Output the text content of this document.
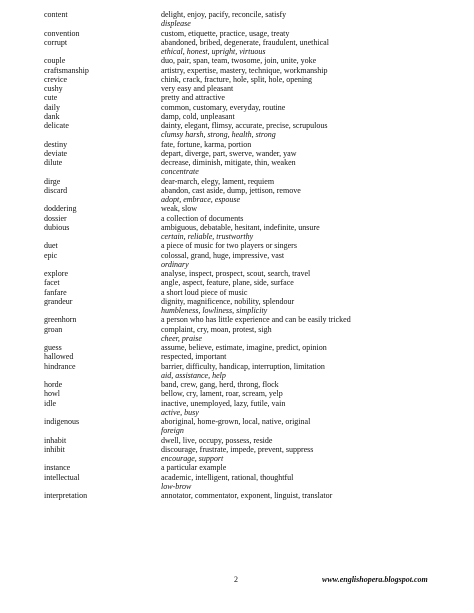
content	delight, enjoy, pacify, reconcile, satisfy
displease
convention	custom, etiquette, practice, usage, treaty
corrupt	abandoned, bribed, degenerate, fraudulent, unethical
ethical, honest, upright, virtuous
couple	duo, pair, span, team, twosome, join, unite, yoke
craftsmanship	artistry, expertise, mastery, technique, workmanship
crevice	chink, crack, fracture, hole, split, hole, opening
cushy	very easy and pleasant
cute	pretty and attractive
daily	common, customary, everyday, routine
dank	damp, cold, unpleasant
delicate	dainty, elegant, flimsy, accurate, precise, scrupulous
clumsy harsh, strong, health, strong
destiny	fate, fortune, karma, portion
deviate	depart, diverge, part, swerve, wander, yaw
dilute	decrease, diminish, mitigate, thin, weaken
concentrate
dirge	dear-march, elegy, lament, requiem
discard	abandon, cast aside, dump, jettison, remove
adopt, embrace, espouse
doddering	weak, slow
dossier	a collection of documents
dubious	ambiguous, debatable, hesitant, indefinite, unsure
certain, reliable, trustworthy
duet	a piece of music for two players or singers
epic	colossal, grand, huge, impressive, vast
ordinary
explore	analyse, inspect, prospect, scout, search, travel
facet	angle, aspect, feature, plane, side, surface
fanfare	a short loud piece of music
grandeur	dignity, magnificence, nobility, splendour
humbleness, lowliness, simplicity
greenhorn	a person who has little experience and can be easily tricked
groan	complaint, cry, moan, protest, sigh
cheer, praise
guess	assume, believe, estimate, imagine, predict, opinion
hallowed	respected, important
hindrance	barrier, difficulty, handicap, interruption, limitation
aid, assistance, help
horde	band, crew, gang, herd, throng, flock
howl	bellow, cry, lament, roar, scream, yelp
idle	inactive, unemployed, lazy, futile, vain
active, busy
indigenous	aboriginal, home-grown, local, native, original
foreign
inhabit	dwell, live, occupy, possess, reside
inhibit	discourage, frustrate, impede, prevent, suppress
encourage, support
instance	a particular example
intellectual	academic, intelligent, rational, thoughtful
low-brow
interpretation	annotator, commentator, exponent, linguist, translator
2	www.englishopera.blogspot.com
